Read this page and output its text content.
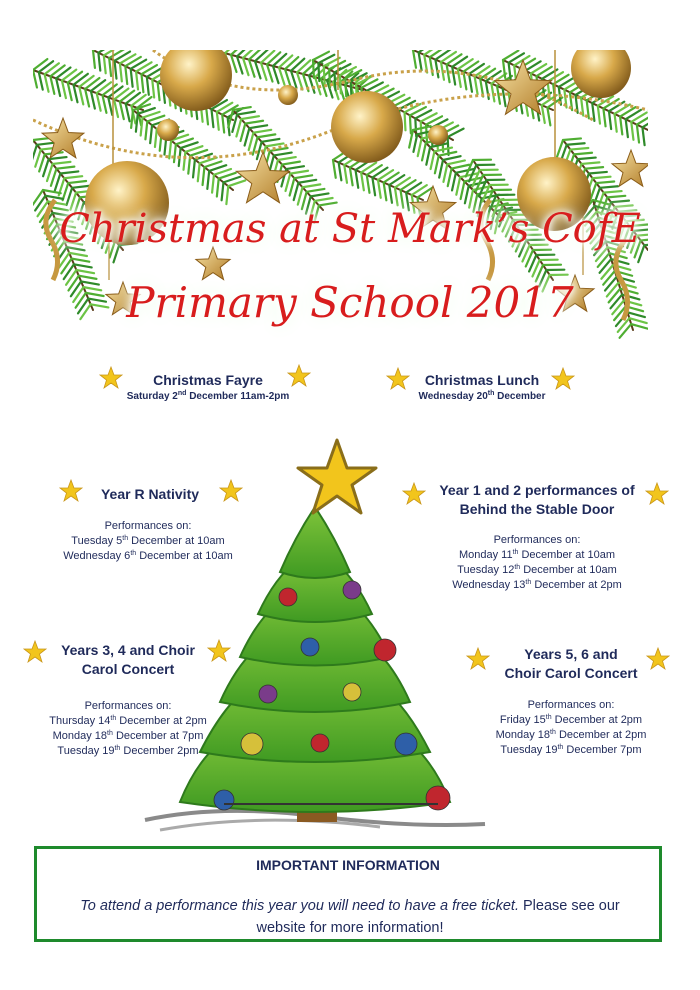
Christmas at St Mark’s CofE
Primary School 2017
Christmas Fayre
Saturday 2nd December 11am-2pm
Christmas Lunch
Wednesday 20th December
Year R Nativity
Performances on:
Tuesday 5th December at 10am
Wednesday 6th December at 10am
Year 1 and 2 performances of
Behind the Stable Door
Performances on:
Monday 11th December at 10am
Tuesday 12th December at 10am
Wednesday 13th December at 2pm
Years 3, 4 and Choir
Carol Concert
Performances on:
Thursday 14th December at 2pm
Monday 18th December at 7pm
Tuesday 19th December 2pm
Years 5, 6 and
Choir Carol Concert
Performances on:
Friday 15th December at 2pm
Monday 18th December at 2pm
Tuesday 19th December 7pm
IMPORTANT INFORMATION
To attend a performance this year you will need to have a free ticket. Please see our website for more information!
